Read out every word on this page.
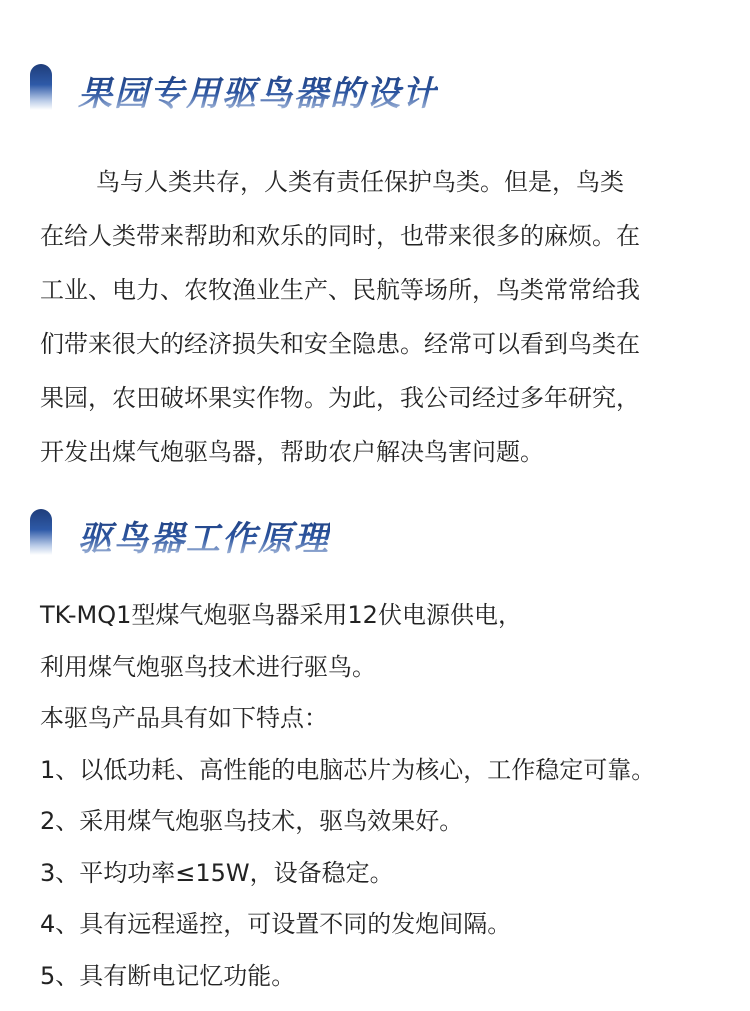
果园专用驱鸟器的设计
鸟与人类共存，人类有责任保护鸟类。但是，鸟类
在给人类带来帮助和欢乐的同时，也带来很多的麻烦。在
工业、电力、农牧渔业生产、民航等场所，鸟类常常给我
们带来很大的经济损失和安全隐患。经常可以看到鸟类在
果园，农田破坏果实作物。为此，我公司经过多年研究，
开发出煤气炮驱鸟器，帮助农户解决鸟害问题。
驱鸟器工作原理
TK-MQ1型煤气炮驱鸟器采用12伏电源供电，
利用煤气炮驱鸟技术进行驱鸟。
本驱鸟产品具有如下特点：
1、以低功耗、高性能的电脑芯片为核心，工作稳定可靠。
2、采用煤气炮驱鸟技术，驱鸟效果好。
3、平均功率≤15W，设备稳定。
4、具有远程遥控，可设置不同的发炮间隔。
5、具有断电记忆功能。
